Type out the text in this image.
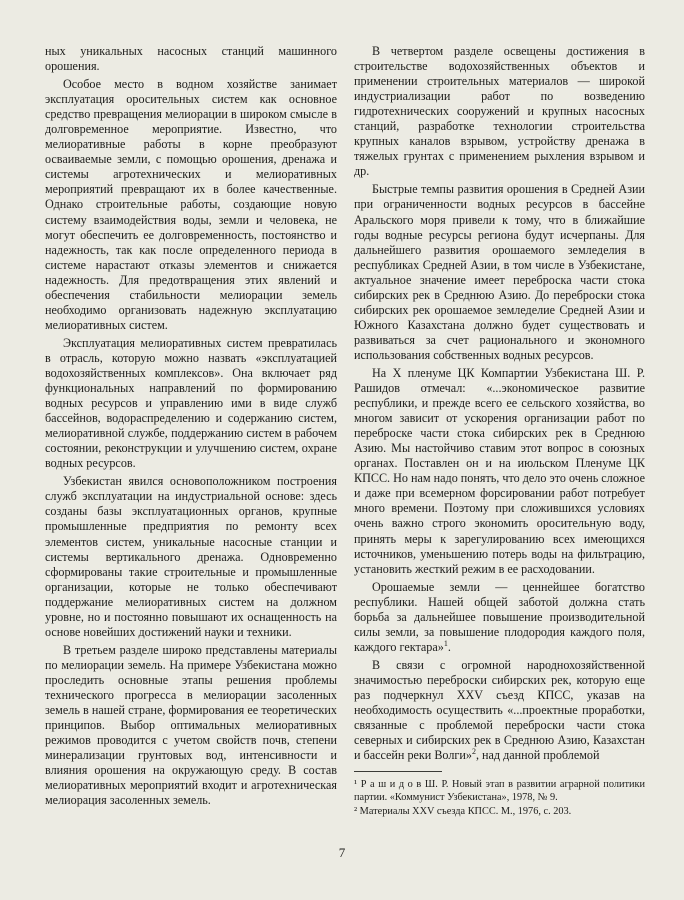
ных уникальных насосных станций машинного орошения.

Особое место в водном хозяйстве занимает эксплуатация оросительных систем как основное средство превращения мелиорации в широком смысле в долговременное мероприятие. Известно, что мелиоративные работы в корне преобразуют осваиваемые земли, с помощью орошения, дренажа и системы агротехнических и мелиоративных мероприятий превращают их в более качественные. Однако строительные работы, создающие новую систему взаимодействия воды, земли и человека, не могут обеспечить ее долговременность, постоянство и надежность, так как после определенного периода в системе нарастают отказы элементов и снижается надежность. Для предотвращения этих явлений и обеспечения стабильности мелиорации земель необходимо организовать надежную эксплуатацию мелиоративных систем.

Эксплуатация мелиоративных систем превратилась в отрасль, которую можно назвать «эксплуатацией водохозяйственных комплексов». Она включает ряд функциональных направлений по формированию водных ресурсов и управлению ими в виде служб бассейнов, водораспределению и содержанию систем, мелиоративной службе, поддержанию систем в рабочем состоянии, реконструкции и улучшению систем, охране водных ресурсов.

Узбекистан явился основоположником построения служб эксплуатации на индустриальной основе: здесь созданы базы эксплуатационных органов, крупные промышленные предприятия по ремонту всех элементов систем, уникальные насосные станции и системы вертикального дренажа. Одновременно сформированы такие строительные и промышленные организации, которые не только обеспечивают поддержание мелиоративных систем на должном уровне, но и постоянно повышают их оснащенность на основе новейших достижений науки и техники.

В третьем разделе широко представлены материалы по мелиорации земель. На примере Узбекистана можно проследить основные этапы решения проблемы технического прогресса в мелиорации засоленных земель в нашей стране, формирования ее теоретических принципов. Выбор оптимальных мелиоративных режимов проводится с учетом свойств почв, степени минерализации грунтовых вод, интенсивности и влияния орошения на окружающую среду. В состав мелиоративных мероприятий входит и агротехническая мелиорация засоленных земель.

В четвертом разделе освещены достижения в строительстве водохозяйственных объектов и применении строительных материалов — широкой индустриализации работ по возведению гидротехнических сооружений и крупных насосных станций, разработке технологии строительства крупных каналов взрывом, устройству дренажа в тяжелых грунтах с применением рыхления взрывом и др.

Быстрые темпы развития орошения в Средней Азии при ограниченности водных ресурсов в бассейне Аральского моря привели к тому, что в ближайшие годы водные ресурсы региона будут исчерпаны. Для дальнейшего развития орошаемого земледелия в республиках Средней Азии, в том числе в Узбекистане, актуальное значение имеет переброска части стока сибирских рек в Среднюю Азию. До переброски стока сибирских рек орошаемое земледелие Средней Азии и Южного Казахстана должно будет существовать и развиваться за счет рационального и экономного использования собственных водных ресурсов.

На X пленуме ЦК Компартии Узбекистана Ш. Р. Рашидов отмечал: «...экономическое развитие республики, и прежде всего ее сельского хозяйства, во многом зависит от ускорения организации работ по переброске части стока сибирских рек в Среднюю Азию. Мы настойчиво ставим этот вопрос в союзных органах. Поставлен он и на июльском Пленуме ЦК КПСС. Но нам надо понять, что дело это очень сложное и даже при всемерном форсировании работ потребует много времени. Поэтому при сложившихся условиях очень важно строго экономить оросительную воду, принять меры к зарегулированию всех имеющихся источников, уменьшению потерь воды на фильтрацию, установить жесткий режим в ее расходовании.

Орошаемые земли — ценнейшее богатство республики. Нашей общей заботой должна стать борьба за дальнейшее повышение производительной силы земли, за повышение плодородия каждого поля, каждого гектара»$^1$.

В связи с огромной народнохозяйственной значимостью переброски сибирских рек, которую еще раз подчеркнул XXV съезд КПСС, указав на необходимость осуществить «...проектные проработки, связанные с проблемой переброски части стока северных и сибирских рек в Среднюю Азию, Казахстан и бассейн реки Волги»$^2$, над данной проблемой

¹ Р а ш и д о в Ш. Р. Новый этап в развитии аграрной политики партии. «Коммунист Узбекистана», 1978, № 9.

² Материалы XXV съезда КПСС. М., 1976, с. 203.

7
